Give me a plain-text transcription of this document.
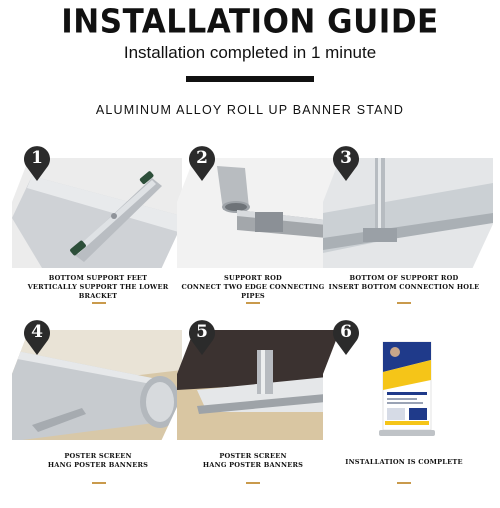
INSTALLATION GUIDE
Installation completed in 1 minute
ALUMINUM ALLOY ROLL UP BANNER STAND
1
BOTTOM SUPPORT FEET
VERTICALLY SUPPORT THE LOWER BRACKET
2
SUPPORT ROD
CONNECT TWO EDGE CONNECTING PIPES
3
BOTTOM OF SUPPORT ROD
INSERT BOTTOM CONNECTION HOLE
4
POSTER SCREEN
HANG POSTER BANNERS
5
POSTER SCREEN
HANG POSTER BANNERS
6
INSTALLATION IS COMPLETE
